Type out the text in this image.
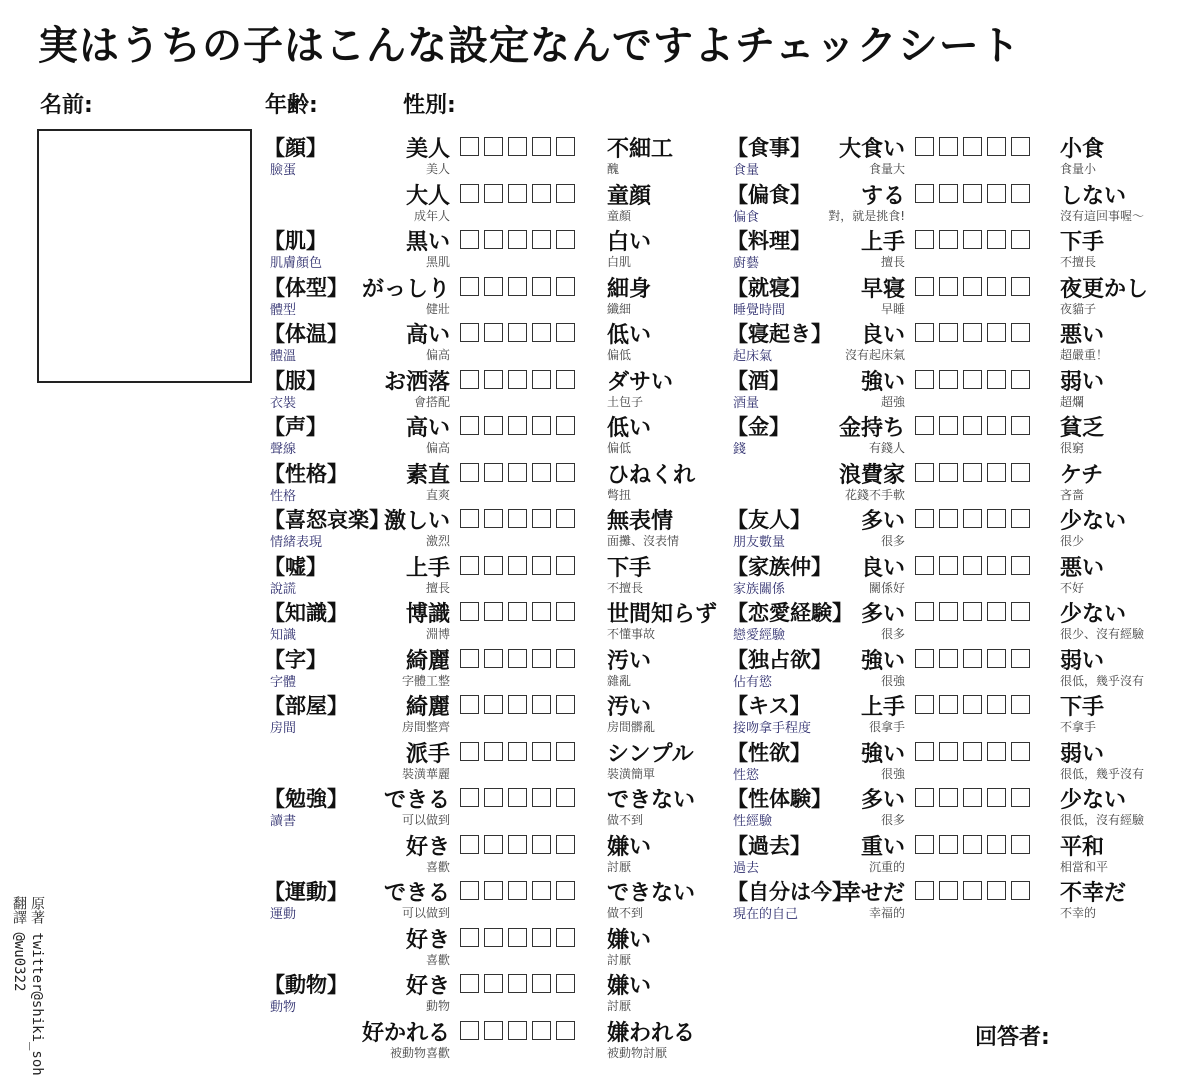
実はうちの子はこんな設定なんですよチェックシート
名前:	年齢:	性別:
【顔】
臉蛋
美人
美人
不細工
醜
大人
成年人
童顔
童顏
【肌】
肌膚顏色
黒い
黑肌
白い
白肌
【体型】
體型
がっしり
健壯
細身
纖細
【体温】
體溫
高い
偏高
低い
偏低
【服】
衣裝
お洒落
會搭配
ダサい
土包子
【声】
聲線
高い
偏高
低い
偏低
【性格】
性格
素直
直爽
ひねくれ
彆扭
【喜怒哀楽】
情緒表現
激しい
激烈
無表情
面攤、沒表情
【嘘】
說謊
上手
擅長
下手
不擅長
【知識】
知識
博識
淵博
世間知らず
不懂事故
【字】
字體
綺麗
字體工整
汚い
雜亂
【部屋】
房間
綺麗
房間整齊
汚い
房間髒亂
派手
裝潢華麗
シンプル
裝潢簡單
【勉強】
讀書
できる
可以做到
できない
做不到
好き
喜歡
嫌い
討厭
【運動】
運動
できる
可以做到
できない
做不到
好き
喜歡
嫌い
討厭
【動物】
動物
好き
動物
嫌い
討厭
好かれる
被動物喜歡
嫌われる
被動物討厭
【食事】
食量
大食い
食量大
小食
食量小
【偏食】
偏食
する
對，就是挑食!
しない
沒有這回事喔〜
【料理】
廚藝
上手
擅長
下手
不擅長
【就寝】
睡覺時間
早寝
早睡
夜更かし
夜貓子
【寝起き】
起床氣
良い
沒有起床氣
悪い
超嚴重！
【酒】
酒量
強い
超強
弱い
超爛
【金】
錢
金持ち
有錢人
貧乏
很窮
浪費家
花錢不手軟
ケチ
吝嗇
【友人】
朋友數量
多い
很多
少ない
很少
【家族仲】
家族關係
良い
關係好
悪い
不好
【恋愛経験】
戀愛經驗
多い
很多
少ない
很少、沒有經驗
【独占欲】
佔有慾
強い
很強
弱い
很低，幾乎沒有
【キス】
接吻拿手程度
上手
很拿手
下手
不拿手
【性欲】
性慾
強い
很強
弱い
很低，幾乎沒有
【性体験】
性經驗
多い
很多
少ない
很低，沒有經驗
【過去】
過去
重い
沉重的
平和
相當和平
【自分は今】
現在的自己
幸せだ
幸福的
不幸だ
不幸的
原著 twitter@shiki_soh
翻譯 @wu0322
回答者:
